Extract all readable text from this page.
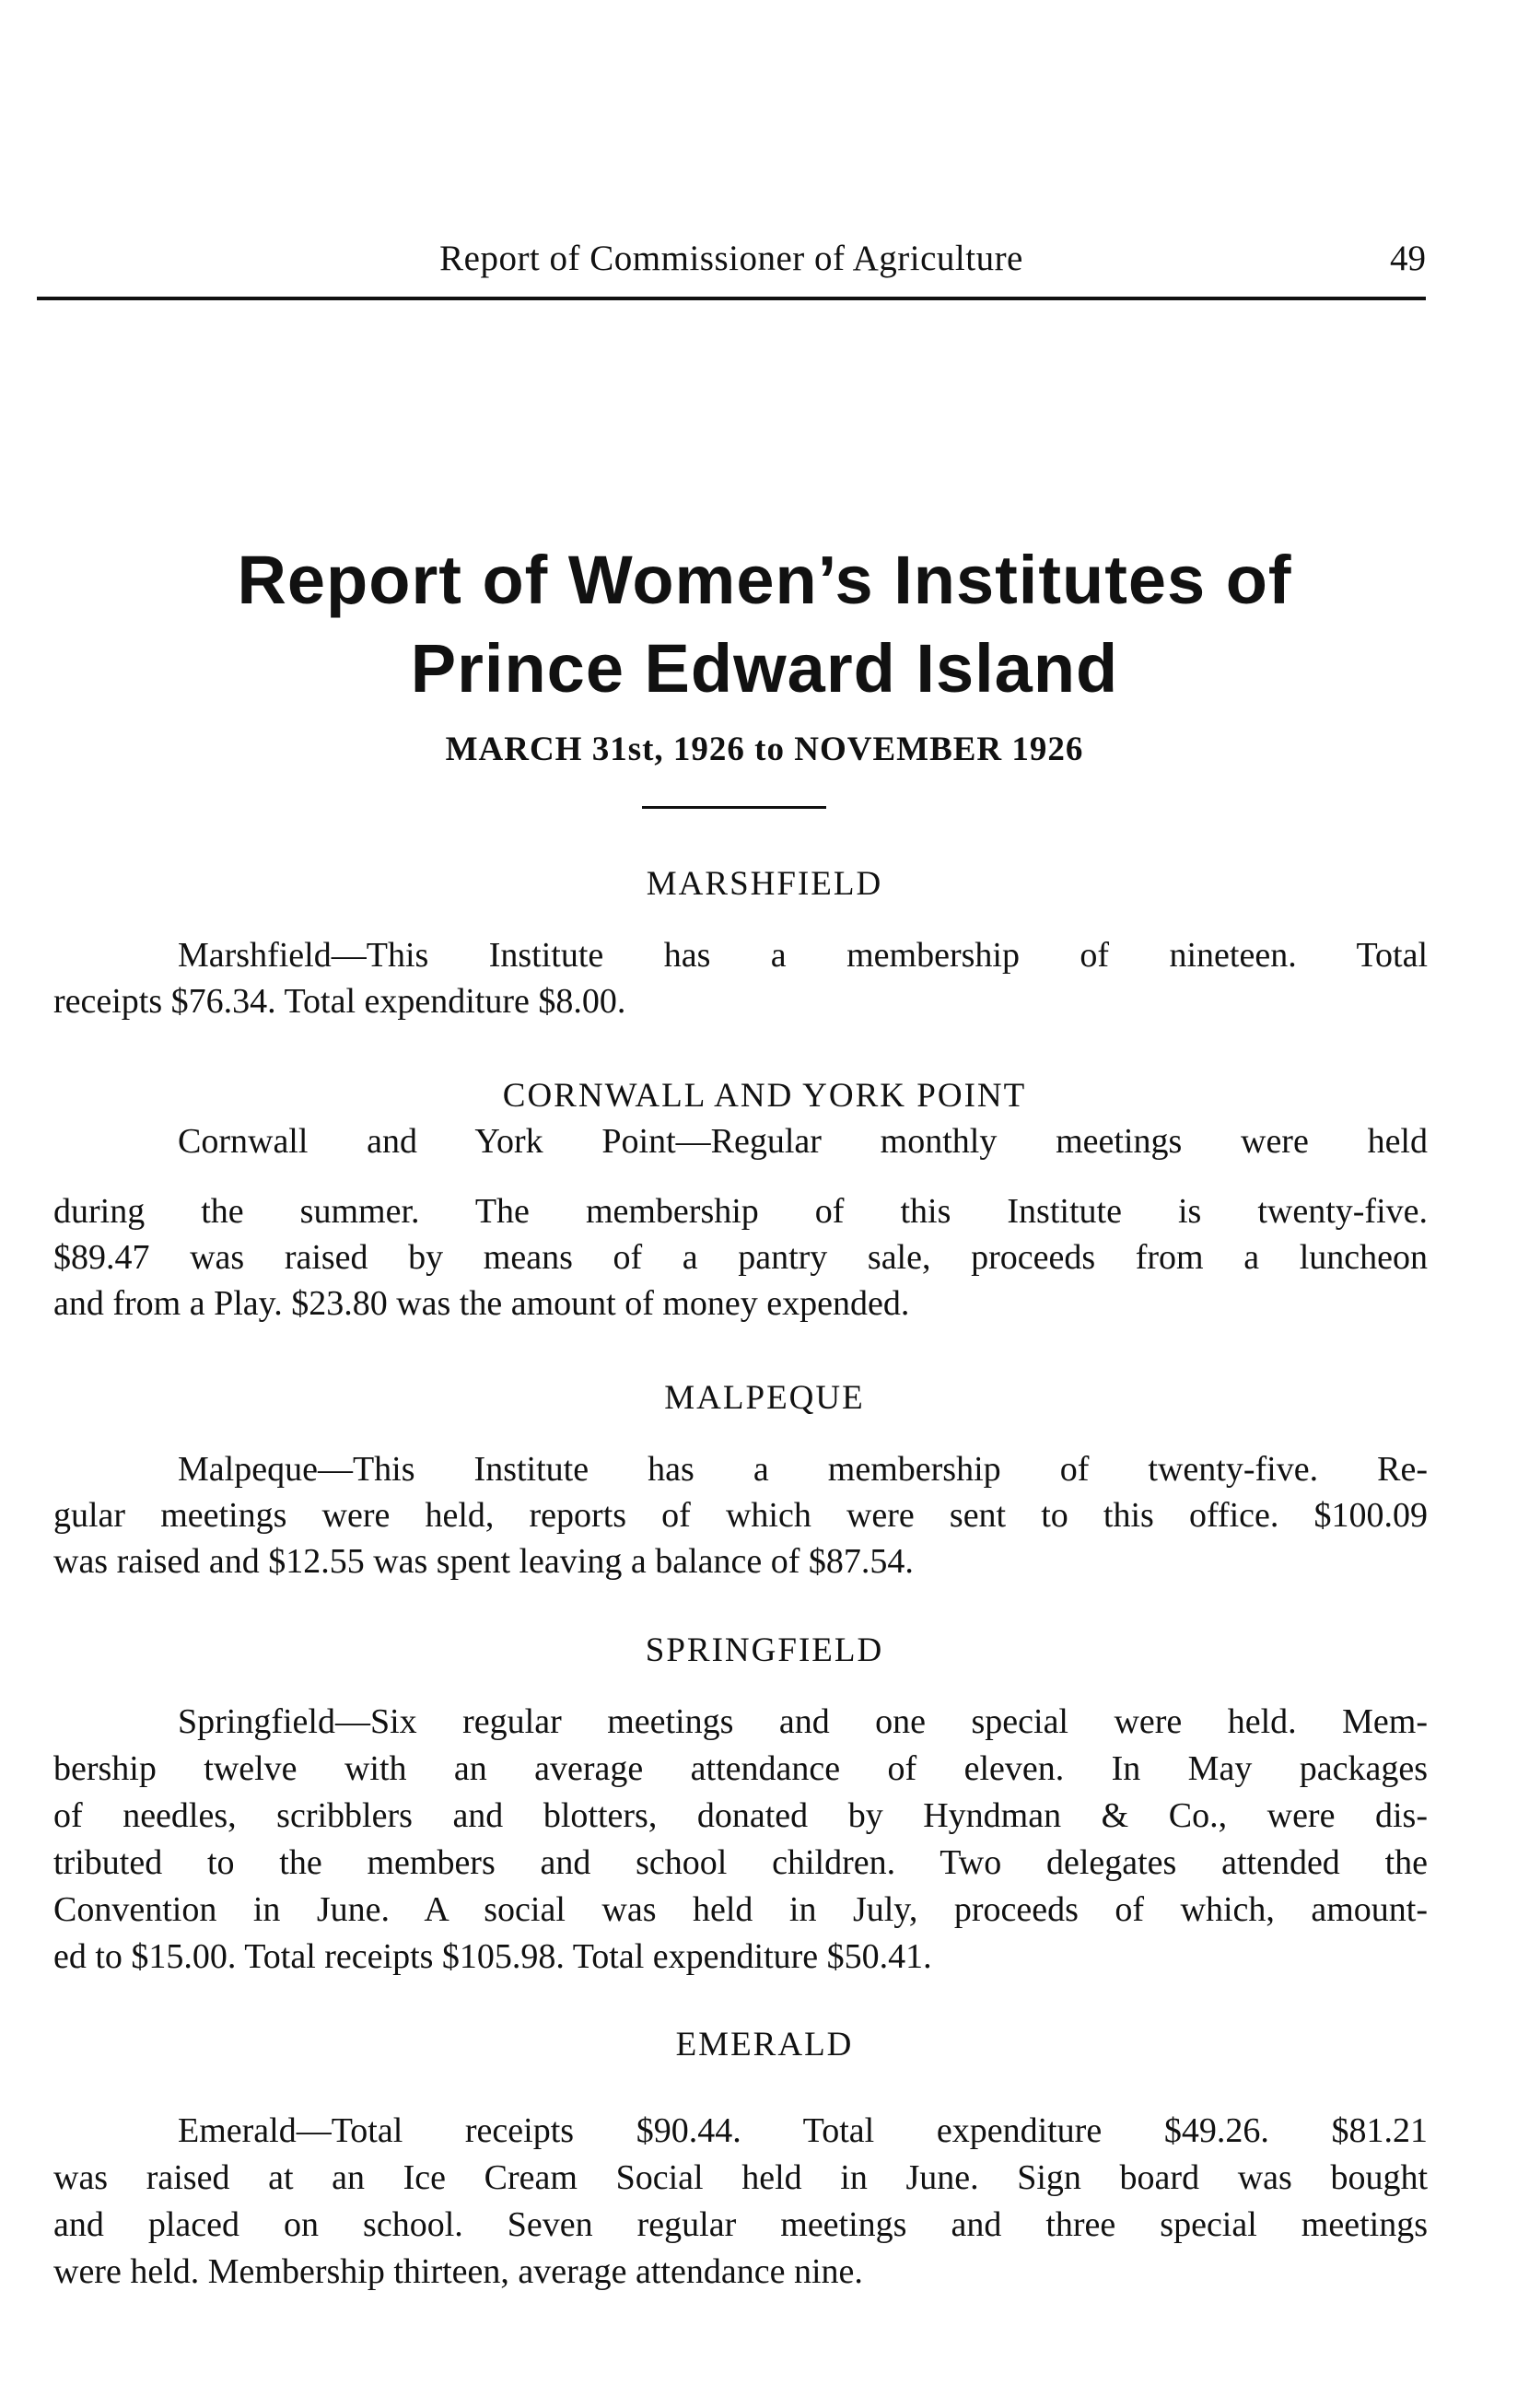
Report of Commissioner of Agriculture	49
Report of Women’s Institutes of
Prince Edward Island
MARCH 31st, 1926 to NOVEMBER 1926
MARSHFIELD
Marshfield—This Institute has a membership of nineteen. Total
receipts $76.34. Total expenditure $8.00.
CORNWALL AND YORK POINT
Cornwall and York Point—Regular monthly meetings were held
during the summer. The membership of this Institute is twenty-five.
$89.47 was raised by means of a pantry sale, proceeds from a luncheon
and from a Play. $23.80 was the amount of money expended.
MALPEQUE
Malpeque—This Institute has a membership of twenty-five. Re-
gular meetings were held, reports of which were sent to this office. $100.09
was raised and $12.55 was spent leaving a balance of $87.54.
SPRINGFIELD
Springfield—Six regular meetings and one special were held. Mem-
bership twelve with an average attendance of eleven. In May packages
of needles, scribblers and blotters, donated by Hyndman & Co., were dis-
tributed to the members and school children. Two delegates attended the
Convention in June. A social was held in July, proceeds of which, amount-
ed to $15.00. Total receipts $105.98. Total expenditure $50.41.
EMERALD
Emerald—Total receipts $90.44. Total expenditure $49.26. $81.21
was raised at an Ice Cream Social held in June. Sign board was bought
and placed on school. Seven regular meetings and three special meetings
were held. Membership thirteen, average attendance nine.
